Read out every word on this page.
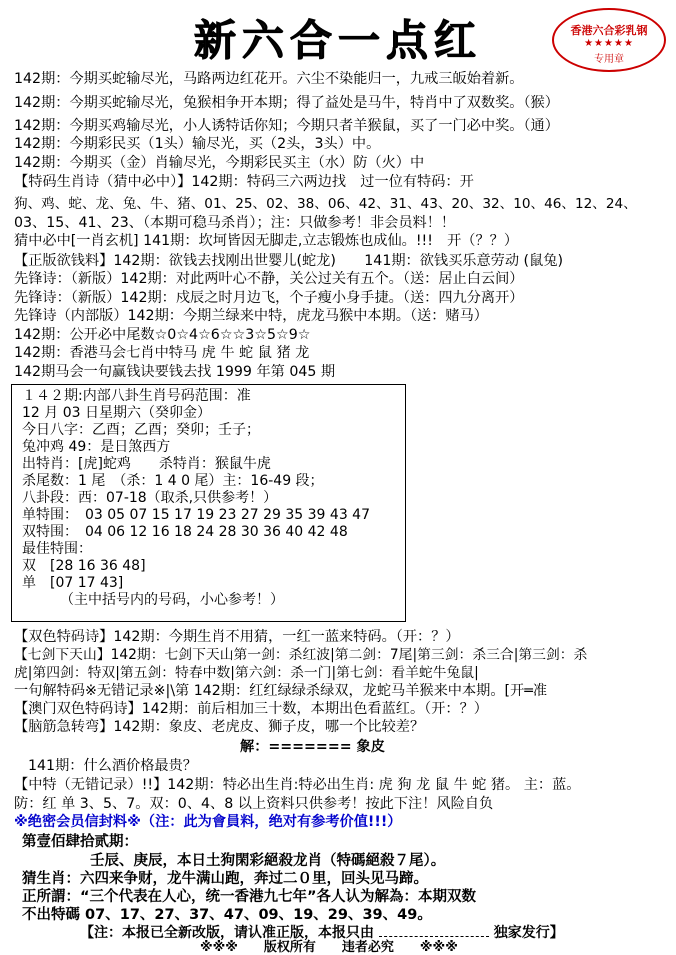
新六合一点红	香港六合彩乳钢
★★★★★
专用章
142期：今期买蛇输尽光，马路两边红花开。六尘不染能归一，九戒三皈始着新。
142期：今期买蛇输尽光，兔猴相争开本期；得了益处是马牛，特肖中了双数奖。（猴）
142期：今期买鸡输尽光，小人诱特话你知；今期只者羊猴鼠，买了一门必中奖。（通）
142期：今期彩民买（1头）输尽光，买（2头，3头）中。
142期：今期买（金）肖输尽光，今期彩民买主（水）防（火）中
【特码生肖诗（猜中必中）】142期：特码三六两边找　过一位有特码：开
狗、鸡、蛇、龙、兔、牛、猪、01、25、02、38、06、42、31、43、20、32、10、46、12、24、
03、15、41、23、（本期可稳马杀肖）；注：只做参考！非会员料！！
猜中必中[一肖玄机] 141期：坎坷皆因无脚走,立志锻炼也成仙。!!!　开（？？）
【正版欲钱料】142期：欲钱去找刚出世婴儿(蛇龙)　　141期：欲钱买乐意劳动 (鼠兔)
先锋诗：（新版）142期：对此两叶心不静，关公过关有五个。（送：居止白云间）
先锋诗：（新版）142期：戍辰之时月边飞，个子瘦小身手捷。（送：四九分离开）
先锋诗（内部版）142期：今期兰绿来中特，虎龙马猴中本期。（送：赌马）
142期：公开必中尾数☆0☆4☆6☆☆3☆5☆9☆
142期：香港马会七肖中特马 虎 牛 蛇 鼠 猪 龙
142期马会一句赢钱诀要钱去找 1999 年第 045 期
１４２期:内部八卦生肖号码范围：准
12 月 03 日星期六（癸卯金）
今日八字：乙酉；乙酉；癸卯；壬子；
兔冲鸡 49：是日煞西方
出特肖：[虎]蛇鸡　　杀特肖：猴鼠牛虎
杀尾数：1 尾　（杀：1 4 0 尾）主：16-49 段；
八卦段：西：07-18（取杀,只供参考！）
单特围：　03 05 07 15 17 19 23 27 29 35 39 43 47
双特围：　04 06 12 16 18 24 28 30 36 40 42 48
最佳特围：
双　[28 16 36 48]
单　[07 17 43]
（主中括号内的号码，小心参考！）
【双色特码诗】142期：今期生肖不用猜，一红一蓝来特码。（开：？）
【七剑下天山】142期：七剑下天山第一剑：杀红波|第二剑：7尾|第三剑：杀三合|第三剑：杀
虎|第四剑：特双|第五剑：特春中数|第六剑：杀一门|第七剑：看羊蛇牛兔鼠|
一句解特码※无错记录※|\第 142期：红红绿绿杀绿双，龙蛇马羊猴来中本期。[开═准
【澳门双色特码诗】142期：前后相加三十数，本期出色看蓝红。（开：？）
【脑筋急转弯】142期：象皮、老虎皮、狮子皮，哪一个比较差？
解：======= 象皮
141期：什么酒价格最贵？
【中特（无错记录）!!】142期：特必出生肖:特必出生肖: 虎 狗 龙 鼠 牛 蛇 猪。 主：蓝。
防：红 单 3、5、7。双：0、4、8 以上资料只供参考！按此下注！风险自负
※绝密会员信封料※（注：此为會員料，绝对有参考价值!!!）
第壹佰肆拾贰期：
壬辰、庚辰，本日土狗閑彩絕殺龙肖（特碼絕殺７尾）。
猜生肖：六四来争财，龙牛满山跑，奔过二０里，回头见马蹄。
正所謂：“三个代表在人心，统一香港九七年”各人认为解為：本期双数
不出特碼 07、17、27、37、47、09、19、29、39、49。
【注：本报已全新改版，请认准正版，本报只由	独家发行】
※※※　　版权所有　　违者必究　　※※※
